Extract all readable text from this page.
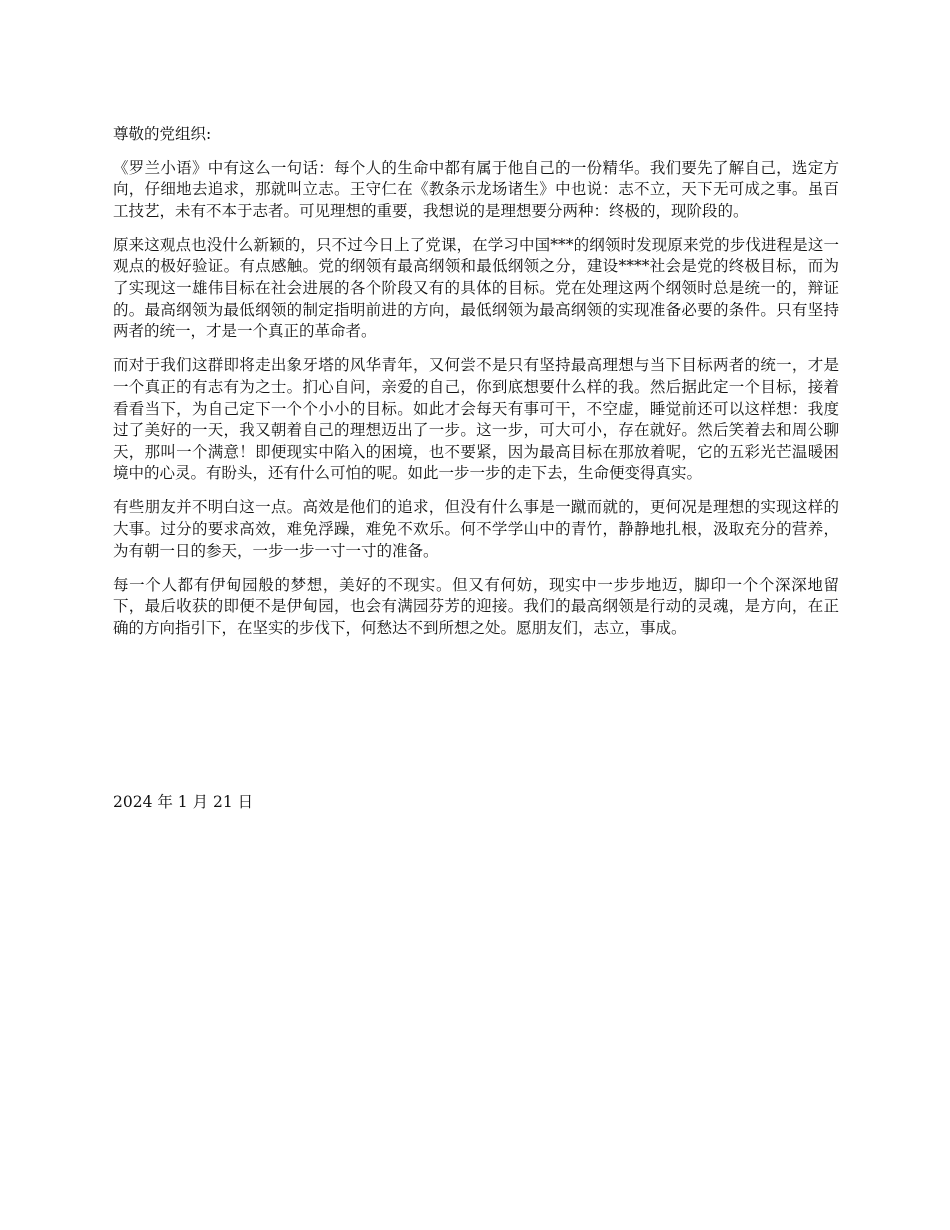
尊敬的党组织:

《罗兰小语》中有这么一句话：每个人的生命中都有属于他自己的一份精华。我们要先了解自己，选定方向，仔细地去追求，那就叫立志。王守仁在《教条示龙场诸生》中也说：志不立，天下无可成之事。虽百工技艺，未有不本于志者。可见理想的重要，我想说的是理想要分两种：终极的，现阶段的。

原来这观点也没什么新颖的，只不过今日上了党课，在学习中国***的纲领时发现原来党的步伐进程是这一观点的极好验证。有点感触。党的纲领有最高纲领和最低纲领之分，建设****社会是党的终极目标，而为了实现这一雄伟目标在社会进展的各个阶段又有的具体的目标。党在处理这两个纲领时总是统一的，辩证的。最高纲领为最低纲领的制定指明前进的方向，最低纲领为最高纲领的实现准备必要的条件。只有坚持两者的统一，才是一个真正的革命者。

而对于我们这群即将走出象牙塔的风华青年，又何尝不是只有坚持最高理想与当下目标两者的统一，才是一个真正的有志有为之士。扪心自问，亲爱的自己，你到底想要什么样的我。然后据此定一个目标，接着看看当下，为自己定下一个个小小的目标。如此才会每天有事可干，不空虚，睡觉前还可以这样想：我度过了美好的一天，我又朝着自己的理想迈出了一步。这一步，可大可小，存在就好。然后笑着去和周公聊天，那叫一个满意！即便现实中陷入的困境，也不要紧，因为最高目标在那放着呢，它的五彩光芒温暖困境中的心灵。有盼头，还有什么可怕的呢。如此一步一步的走下去，生命便变得真实。

有些朋友并不明白这一点。高效是他们的追求，但没有什么事是一蹴而就的，更何况是理想的实现这样的大事。过分的要求高效，难免浮躁，难免不欢乐。何不学学山中的青竹，静静地扎根，汲取充分的营养，为有朝一日的参天，一步一步一寸一寸的准备。

每一个人都有伊甸园般的梦想，美好的不现实。但又有何妨，现实中一步步地迈，脚印一个个深深地留下，最后收获的即便不是伊甸园，也会有满园芬芳的迎接。我们的最高纲领是行动的灵魂，是方向，在正确的方向指引下，在坚实的步伐下，何愁达不到所想之处。愿朋友们，志立，事成。

2024 年 1 月 21 日
